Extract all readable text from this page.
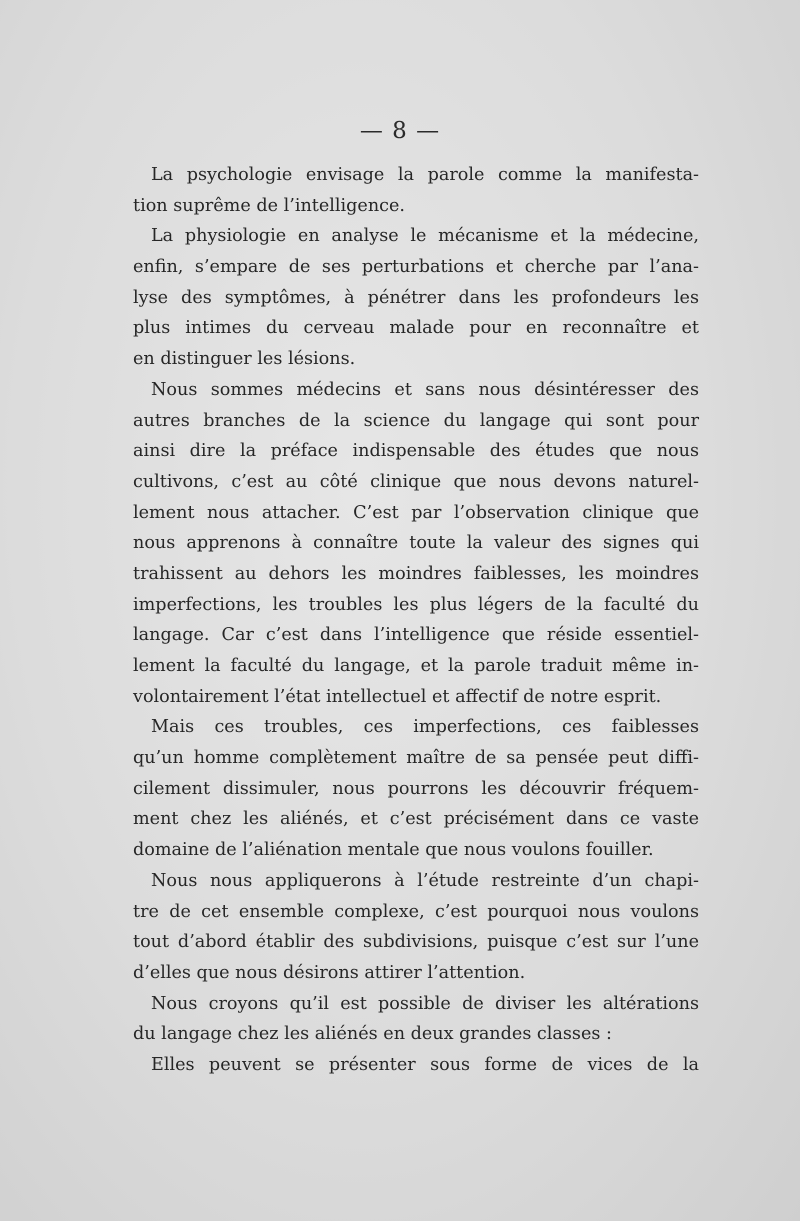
— 8 —
La psychologie envisage la parole comme la manifesta-
tion suprême de l’intelligence.
La physiologie en analyse le mécanisme et la médecine,
enfin, s’empare de ses perturbations et cherche par l’ana-
lyse des symptômes, à pénétrer dans les profondeurs les
plus intimes du cerveau malade pour en reconnaître et
en distinguer les lésions.
Nous sommes médecins et sans nous désintéresser des
autres branches de la science du langage qui sont pour
ainsi dire la préface indispensable des études que nous
cultivons, c’est au côté clinique que nous devons naturel-
lement nous attacher. C’est par l’observation clinique que
nous apprenons à connaître toute la valeur des signes qui
trahissent au dehors les moindres faiblesses, les moindres
imperfections, les troubles les plus légers de la faculté du
langage. Car c’est dans l’intelligence que réside essentiel-
lement la faculté du langage, et la parole traduit même in-
volontairement l’état intellectuel et affectif de notre esprit.
Mais ces troubles, ces imperfections, ces faiblesses
qu’un homme complètement maître de sa pensée peut diffi-
cilement dissimuler, nous pourrons les découvrir fréquem-
ment chez les aliénés, et c’est précisément dans ce vaste
domaine de l’aliénation mentale que nous voulons fouiller.
Nous nous appliquerons à l’étude restreinte d’un chapi-
tre de cet ensemble complexe, c’est pourquoi nous voulons
tout d’abord établir des subdivisions, puisque c’est sur l’une
d’elles que nous désirons attirer l’attention.
Nous croyons qu’il est possible de diviser les altérations
du langage chez les aliénés en deux grandes classes :
Elles peuvent se présenter sous forme de vices de la
